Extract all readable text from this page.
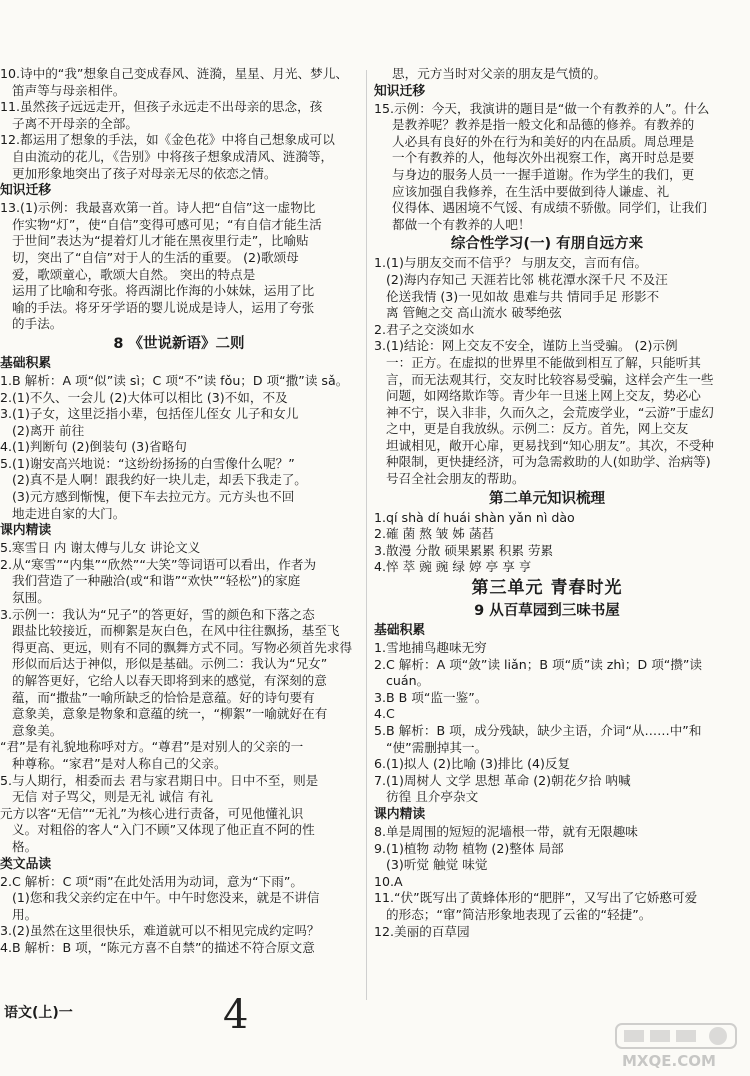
10.诗中的“我”想象自己变成春风、涟漪，星星、月光、梦儿、
笛声等与母亲相伴。
11.虽然孩子远远走开，但孩子永远走不出母亲的思念，孩
子离不开母亲的全部。
12.都运用了想象的手法，如《金色花》中将自己想象成可以
自由流动的花儿，《告别》中将孩子想象成清风、涟漪等，
更加形象地突出了孩子对母亲无尽的依恋之情。
知识迁移
13.(1)示例：我最喜欢第一首。诗人把“自信”这一虚物比
作实物“灯”，使“自信”变得可感可见；“有自信才能生活
于世间”表达为“提着灯儿才能在黑夜里行走”，比喻贴
切，突出了“自信”对于人的生活的重要。 (2)歌颂母
爱，歌颂童心，歌颂大自然。 突出的特点是
运用了比喻和夸张。将西湖比作海的小妹妹，运用了比
喻的手法。将牙牙学语的婴儿说成是诗人，运用了夸张
的手法。
8 《世说新语》二则
基础积累
1.B 解析：A 项“似”读 sì；C 项“不”读 fǒu；D 项“撒”读 sǎ。
2.(1)不久、一会儿 (2)大体可以相比 (3)不如，不及
3.(1)子女，这里泛指小辈，包括侄儿侄女 儿子和女儿
(2)离开 前往
4.(1)判断句 (2)倒装句 (3)省略句
5.(1)谢安高兴地说：“这纷纷扬扬的白雪像什么呢？”
(2)真不是人啊！跟我约好一块儿走，却丢下我走了。
(3)元方感到惭愧，便下车去拉元方。元方头也不回
地走进自家的大门。
课内精读
5.寒雪日 内 谢太傅与儿女 讲论文义
2.从“寒雪”“内集”“欣然”“大笑”等词语可以看出，作者为
我们营造了一种融洽(或“和谐”“欢快”“轻松”)的家庭
氛围。
3.示例一：我认为“兄子”的答更好，雪的颜色和下落之态
跟盐比较接近，而柳絮是灰白色，在风中往往飘扬，基至飞
得更高、更远，则有不同的飘舞方式不同。写物必须首先求得
形似而后达于神似，形似是基础。示例二：我认为“兄女”
的解答更好，它给人以春天即将到来的感觉，有深刻的意
蕴，而“撒盐”一喻所缺乏的恰恰是意蕴。好的诗句要有
意象美，意象是物象和意蕴的统一，“柳絮”一喻就好在有
意象美。
“君”是有礼貌地称呼对方。“尊君”是对别人的父亲的一
种尊称。“家君”是对人称自己的父亲。
5.与人期行，相委而去 君与家君期日中。日中不至，则是
无信 对子骂父，则是无礼 诚信 有礼
元方以客“无信”“无礼”为核心进行责备，可见他懂礼识
义。对粗俗的客人“入门不顾”又体现了他正直不阿的性
格。
类文品读
2.C 解析：C 项“雨”在此处活用为动词，意为“下雨”。
(1)您和我父亲约定在中午。中午时您没来，就是不讲信
用。
3.(2)虽然在这里很快乐，难道就可以不相见完成约定吗？
4.B 解析：B 项，“陈元方喜不自禁”的描述不符合原文意
思，元方当时对父亲的朋友是气愤的。
知识迁移
15.示例：今天，我演讲的题目是“做一个有教养的人”。什么
是教养呢？教养是指一般文化和品德的修养。有教养的
人必具有良好的外在行为和美好的内在品质。周总理是
一个有教养的人，他每次外出视察工作，离开时总是要
与身边的服务人员一一握手道谢。作为学生的我们，更
应该加强自我修养，在生活中要做到待人谦虚、礼
仪得体、遇困境不气馁、有成绩不骄傲。同学们，让我们
都做一个有教养的人吧！
综合性学习(一) 有朋自远方来
1.(1)与朋友交而不信乎？ 与朋友交，言而有信。
(2)海内存知己 天涯若比邻 桃花潭水深千尺 不及汪
伦送我情 (3)一见如故 患难与共 情同手足 形影不
离 管鲍之交 高山流水 破琴绝弦
2.君子之交淡如水
3.(1)结论：网上交友不安全，谨防上当受骗。 (2)示例
一：正方。在虚拟的世界里不能做到相互了解，只能听其
言，而无法观其行，交友时比较容易受骗，这样会产生一些
问题，如网络欺诈等。青少年一旦迷上网上交友，势必心
神不宁，误入非非，久而久之，会荒废学业，“云游”于虚幻
之中，更是自我放纵。示例二：反方。首先，网上交友
坦诚相见，敞开心扉，更易找到“知心朋友”。其次，不受种
种限制，更快捷经济，可为急需救助的人(如助学、治病等)
号召全社会朋友的帮助。
第二单元知识梳理
1.qí shà dí huái shàn yǎn nì dào
2.確 菌 熬 皱 姊 菡萏
3.散漫 分散 硕果累累 积累 劳累
4.悴 萃 豌 豌 绿 婷 亭 享 亨
第三单元 青春时光
9 从百草园到三味书屋
基础积累
1.雪地捕鸟趣味无穷
2.C 解析：A 项“敛”读 liǎn；B 项“质”读 zhì；D 项“攒”读
cuán。
3.B B 项“监一鉴”。
4.C
5.B 解析：B 项，成分残缺，缺少主语，介词“从……中”和
“使”需删掉其一。
6.(1)拟人 (2)比喻 (3)排比 (4)反复
7.(1)周树人 文学 思想 革命 (2)朝花夕拾 呐喊
彷徨 且介亭杂文
课内精读
8.单是周围的短短的泥墙根一带，就有无限趣味
9.(1)植物 动物 植物 (2)整体 局部
(3)听觉 触觉 味觉
10.A
11.“伏”既写出了黄蜂体形的“肥胖”，又写出了它娇憨可爱
的形态；“窜”简洁形象地表现了云雀的“轻捷”。
12.美丽的百草园
语文(上)一	4
MXQE.COM
